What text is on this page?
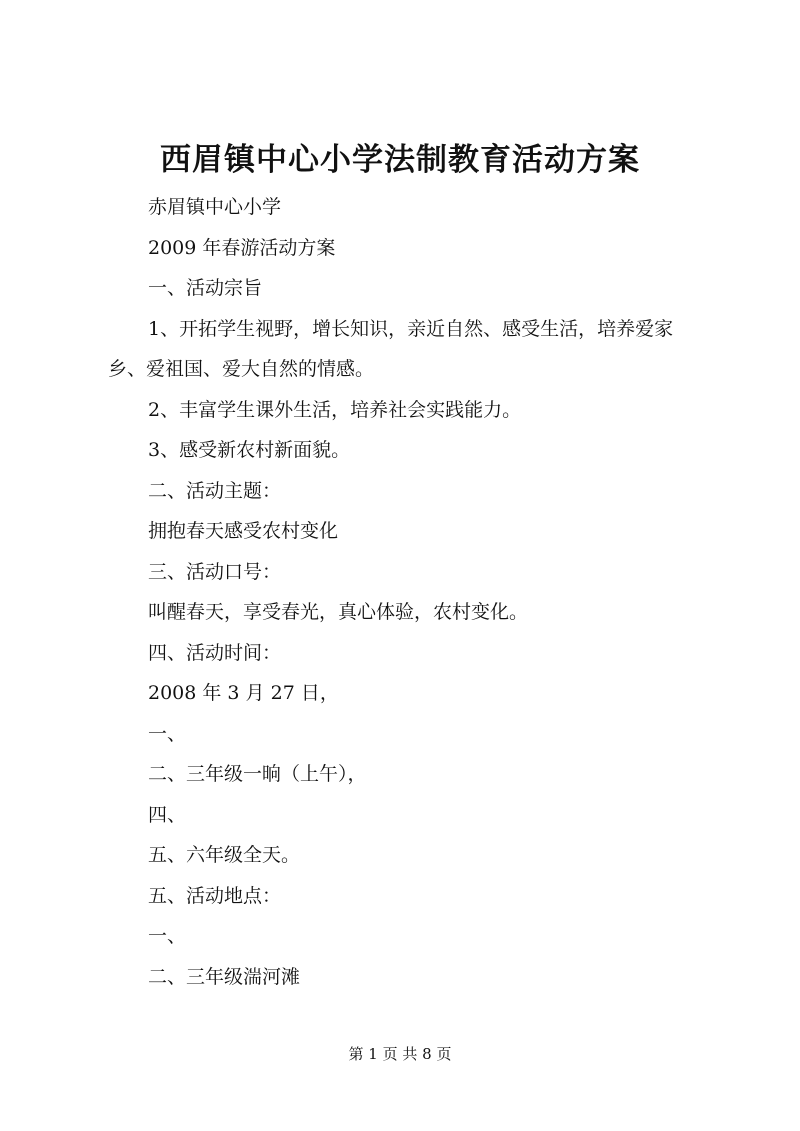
西眉镇中心小学法制教育活动方案

赤眉镇中心小学

2009 年春游活动方案

一、活动宗旨

1、开拓学生视野，增长知识，亲近自然、感受生活，培养爱家乡、爱祖国、爱大自然的情感。

2、丰富学生课外生活，培养社会实践能力。

3、感受新农村新面貌。

二、活动主题：

拥抱春天感受农村变化

三、活动口号：

叫醒春天，享受春光，真心体验，农村变化。

四、活动时间：

2008 年 3 月 27 日，

一、

二、三年级一晌（上午），

四、

五、六年级全天。

五、活动地点：

一、

二、三年级湍河滩

第 1 页 共 8 页
